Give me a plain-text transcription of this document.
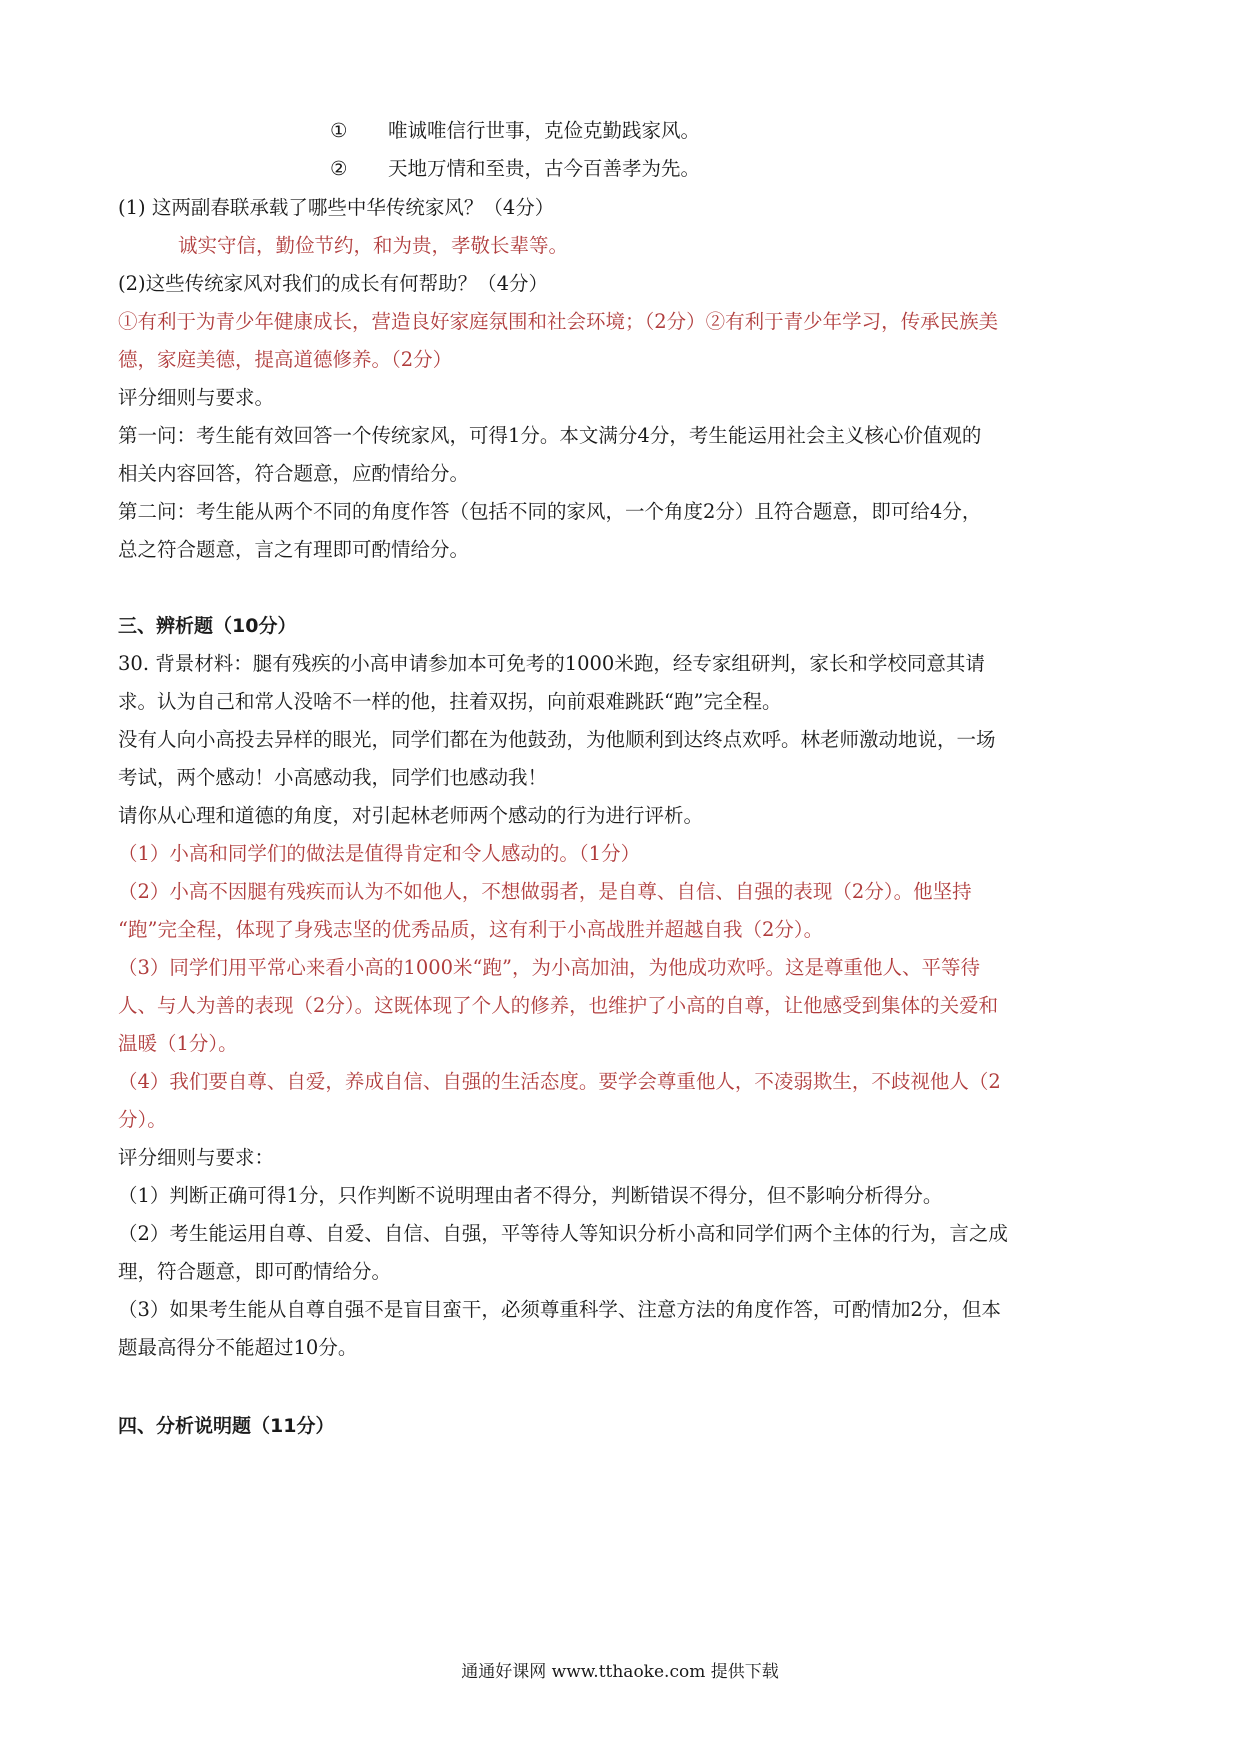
① 唯诚唯信行世事，克俭克勤践家风。
② 天地万情和至贵，古今百善孝为先。
(1) 这两副春联承载了哪些中华传统家风？（4分）
诚实守信，勤俭节约，和为贵，孝敬长辈等。
(2)这些传统家风对我们的成长有何帮助？（4分）
①有利于为青少年健康成长，营造良好家庭氛围和社会环境；（2分）②有利于青少年学习，传承民族美
德，家庭美德，提高道德修养。（2分）
评分细则与要求。
第一问：考生能有效回答一个传统家风，可得1分。本文满分4分，考生能运用社会主义核心价值观的
相关内容回答，符合题意，应酌情给分。
第二问：考生能从两个不同的角度作答（包括不同的家风，一个角度2分）且符合题意，即可给4分，
总之符合题意，言之有理即可酌情给分。
三、辨析题（10分）
30. 背景材料：腿有残疾的小高申请参加本可免考的1000米跑，经专家组研判，家长和学校同意其请
求。认为自己和常人没啥不一样的他，拄着双拐，向前艰难跳跃“跑”完全程。
没有人向小高投去异样的眼光，同学们都在为他鼓劲，为他顺利到达终点欢呼。林老师激动地说，一场
考试，两个感动！小高感动我，同学们也感动我！
请你从心理和道德的角度，对引起林老师两个感动的行为进行评析。
（1）小高和同学们的做法是值得肯定和令人感动的。（1分）
（2）小高不因腿有残疾而认为不如他人，不想做弱者，是自尊、自信、自强的表现（2分）。他坚持
“跑”完全程，体现了身残志坚的优秀品质，这有利于小高战胜并超越自我（2分）。
（3）同学们用平常心来看小高的1000米“跑”，为小高加油，为他成功欢呼。这是尊重他人、平等待
人、与人为善的表现（2分）。这既体现了个人的修养，也维护了小高的自尊，让他感受到集体的关爱和
温暖（1分）。
（4）我们要自尊、自爱，养成自信、自强的生活态度。要学会尊重他人，不凌弱欺生，不歧视他人（2
分）。
评分细则与要求：
（1）判断正确可得1分，只作判断不说明理由者不得分，判断错误不得分，但不影响分析得分。
（2）考生能运用自尊、自爱、自信、自强，平等待人等知识分析小高和同学们两个主体的行为，言之成
理，符合题意，即可酌情给分。
（3）如果考生能从自尊自强不是盲目蛮干，必须尊重科学、注意方法的角度作答，可酌情加2分，但本
题最高得分不能超过10分。
四、分析说明题（11分）
通通好课网 www.tthaoke.com 提供下载
